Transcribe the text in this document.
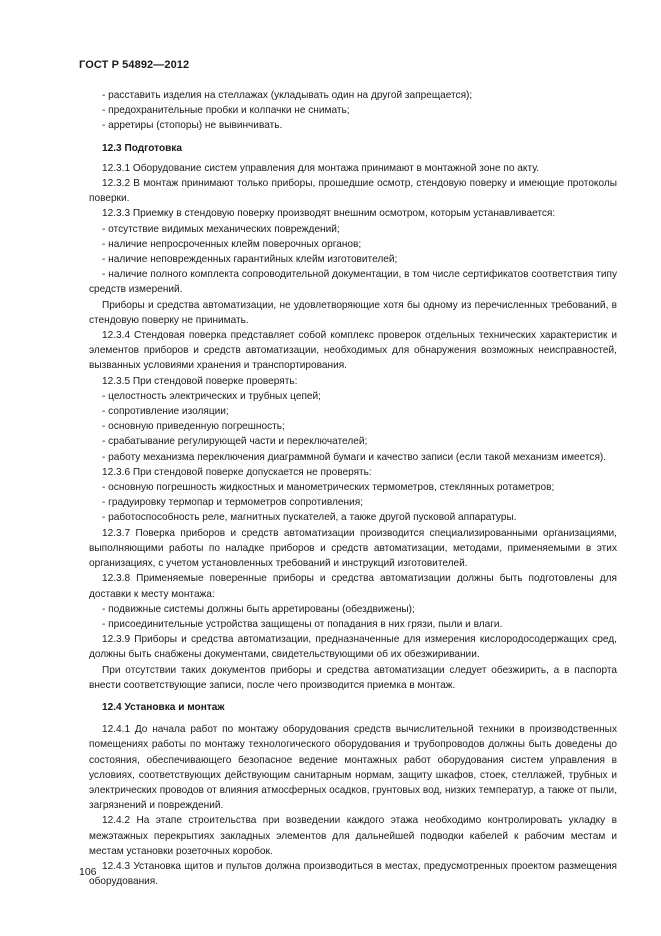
ГОСТ Р 54892—2012

- расставить изделия на стеллажах (укладывать один на другой запрещается);

- предохранительные пробки и колпачки не снимать;

- арретиры (стопоры) не вывинчивать.

12.3 Подготовка

12.3.1 Оборудование систем управления для монтажа принимают в монтажной зоне по акту.

12.3.2 В монтаж принимают только приборы, прошедшие осмотр, стендовую поверку и имеющие протоколы поверки.

12.3.3 Приемку в стендовую поверку производят внешним осмотром, которым устанавливается:

- отсутствие видимых механических повреждений;

- наличие непросроченных клейм поверочных органов;

- наличие неповрежденных гарантийных клейм изготовителей;

- наличие полного комплекта сопроводительной документации, в том числе сертификатов соответствия типу средств измерений.

Приборы и средства автоматизации, не удовлетворяющие хотя бы одному из перечисленных требований, в стендовую поверку не принимать.

12.3.4 Стендовая поверка представляет собой комплекс проверок отдельных технических характеристик и элементов приборов и средств автоматизации, необходимых для обнаружения возможных неисправностей, вызванных условиями хранения и транспортирования.

12.3.5 При стендовой поверке проверять:

- целостность электрических и трубных цепей;

- сопротивление изоляции;

- основную приведенную погрешность;

- срабатывание регулирующей части и переключателей;

- работу механизма переключения диаграммной бумаги и качество записи (если такой механизм имеется).

12.3.6 При стендовой поверке допускается не проверять:

- основную погрешность жидкостных и манометрических термометров, стеклянных ротаметров;

- градуировку термопар и термометров сопротивления;

- работоспособность реле, магнитных пускателей, а также другой пусковой аппаратуры.

12.3.7 Поверка приборов и средств автоматизации производится специализированными организациями, выполняющими работы по наладке приборов и средств автоматизации, методами, применяемыми в этих организациях, с учетом установленных требований и инструкций изготовителей.

12.3.8 Применяемые поверенные приборы и средства автоматизации должны быть подготовлены для доставки к месту монтажа:

- подвижные системы должны быть арретированы (обездвижены);

- присоединительные устройства защищены от попадания в них грязи, пыли и влаги.

12.3.9 Приборы и средства автоматизации, предназначенные для измерения кислородосодержащих сред, должны быть снабжены документами, свидетельствующими об их обезжиривании.

При отсутствии таких документов приборы и средства автоматизации следует обезжирить, а в паспорта внести соответствующие записи, после чего производится приемка в монтаж.

12.4 Установка и монтаж

12.4.1 До начала работ по монтажу оборудования средств вычислительной техники в производственных помещениях работы по монтажу технологического оборудования и трубопроводов должны быть доведены до состояния, обеспечивающего безопасное ведение монтажных работ оборудования систем управления в условиях, соответствующих действующим санитарным нормам, защиту шкафов, стоек, стеллажей, трубных и электрических проводов от влияния атмосферных осадков, грунтовых вод, низких температур, а также от пыли, загрязнений и повреждений.

12.4.2 На этапе строительства при возведении каждого этажа необходимо контролировать укладку в межэтажных перекрытиях закладных элементов для дальнейшей подводки кабелей к рабочим местам и местам установки розеточных коробок.

12.4.3 Установка щитов и пультов должна производиться в местах, предусмотренных проектом размещения оборудования.

106
